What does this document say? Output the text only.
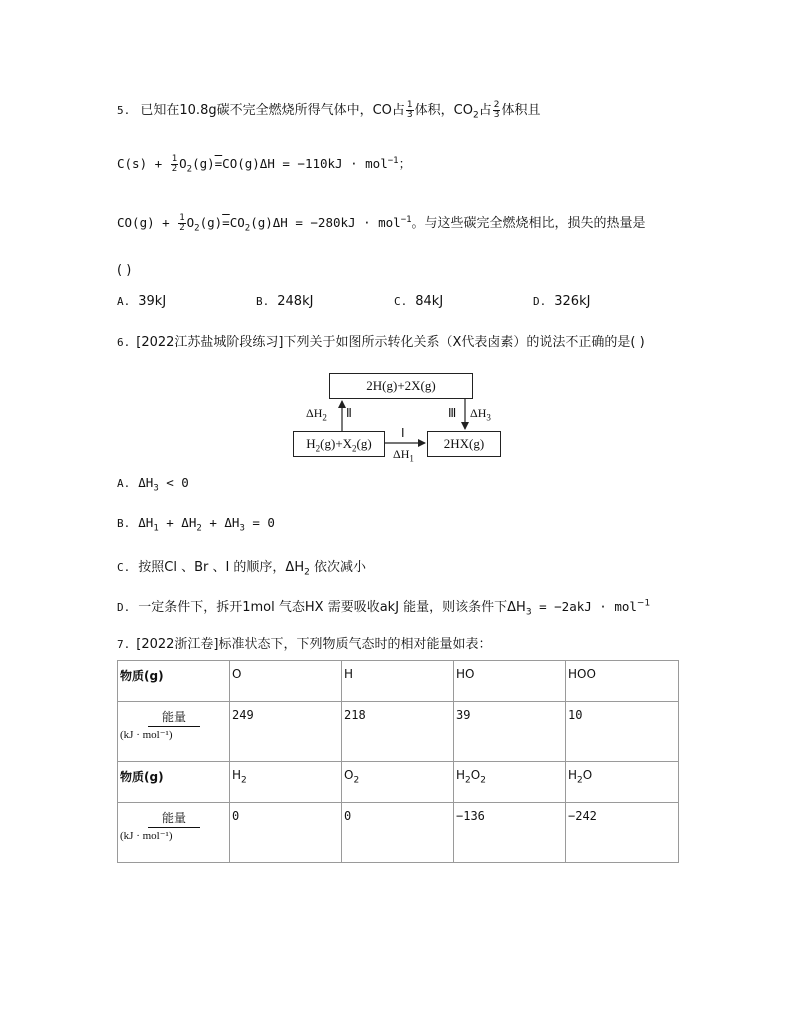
5. 已知在10.8g碳不完全燃烧所得气体中，CO占 $\frac{1}{3}$ 体积，$CO_2$占 $\frac{2}{3}$ 体积且
$C(s) + \frac{1}{2} O_2(g)=CO(g)\Delta H = -110kJ \cdot mol^{-1}$；
$CO(g) + \frac{1}{2} O_2(g)=CO_2(g)\Delta H = -280kJ \cdot mol^{-1}$。与这些碳完全燃烧相比，损失的热量是
( )
A. 39kJ	B. 248kJ	C. 84kJ	D. 326kJ
6. [2022江苏盐城阶段练习]下列关于如图所示转化关系（X代表卤素）的说法不正确的是( )
2H(g)+2X(g)
$H_2(g)+X_2(g)$	2HX(g)
$\Delta H_2$ Ⅱ	Ⅲ $\Delta H_3$
Ⅰ
$\Delta H_1$
A. $\Delta H_3 < 0$
B. $\Delta H_1 + \Delta H_2 + \Delta H_3 = 0$
C. 按照Cl 、Br 、I 的顺序，$\Delta H_2$ 依次减小
D. 一定条件下，拆开1mol 气态HX 需要吸收akJ 能量，则该条件下$\Delta H_3 = -2akJ \cdot mol^{-1}$
7. [2022浙江卷]标准状态下，下列物质气态时的相对能量如表：
物质(g)	O	H	HO	HOO

能量
(kJ · mol⁻¹)	249	218	39	10
物质(g)	$H_2$	$O_2$	$H_2O_2$	$H_2O$

能量
(kJ · mol⁻¹)	0	0	−136	−242
